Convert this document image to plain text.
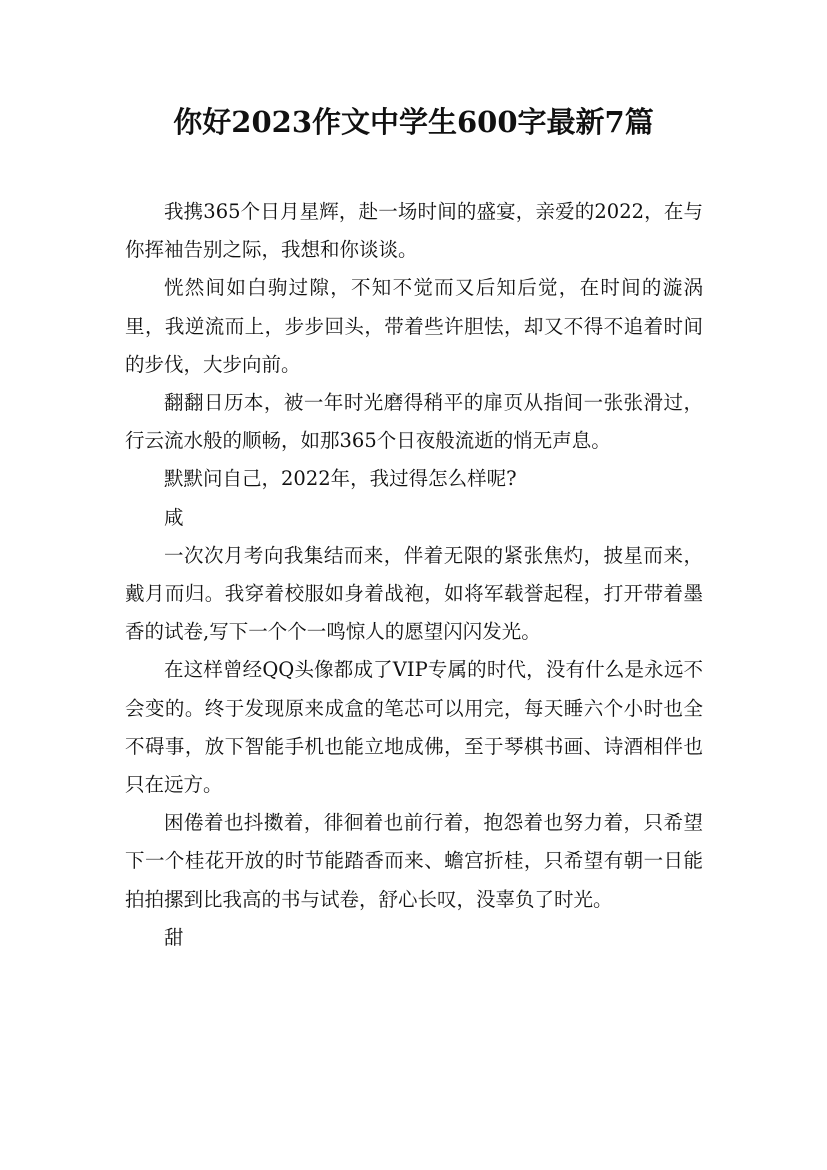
你好2023作文中学生600字最新7篇

我携365个日月星辉，赴一场时间的盛宴，亲爱的2022，在与你挥袖告别之际，我想和你谈谈。

恍然间如白驹过隙，不知不觉而又后知后觉，在时间的漩涡里，我逆流而上，步步回头，带着些许胆怯，却又不得不追着时间的步伐，大步向前。

翻翻日历本，被一年时光磨得稍平的扉页从指间一张张滑过，行云流水般的顺畅，如那365个日夜般流逝的悄无声息。

默默问自己，2022年，我过得怎么样呢?

咸

一次次月考向我集结而来，伴着无限的紧张焦灼，披星而来，戴月而归。我穿着校服如身着战袍，如将军载誉起程，打开带着墨香的试卷,写下一个个一鸣惊人的愿望闪闪发光。

在这样曾经QQ头像都成了VIP专属的时代，没有什么是永远不会变的。终于发现原来成盒的笔芯可以用完，每天睡六个小时也全不碍事，放下智能手机也能立地成佛，至于琴棋书画、诗酒相伴也只在远方。

困倦着也抖擞着，徘徊着也前行着，抱怨着也努力着，只希望下一个桂花开放的时节能踏香而来、蟾宫折桂，只希望有朝一日能拍拍摞到比我高的书与试卷，舒心长叹，没辜负了时光。

甜
